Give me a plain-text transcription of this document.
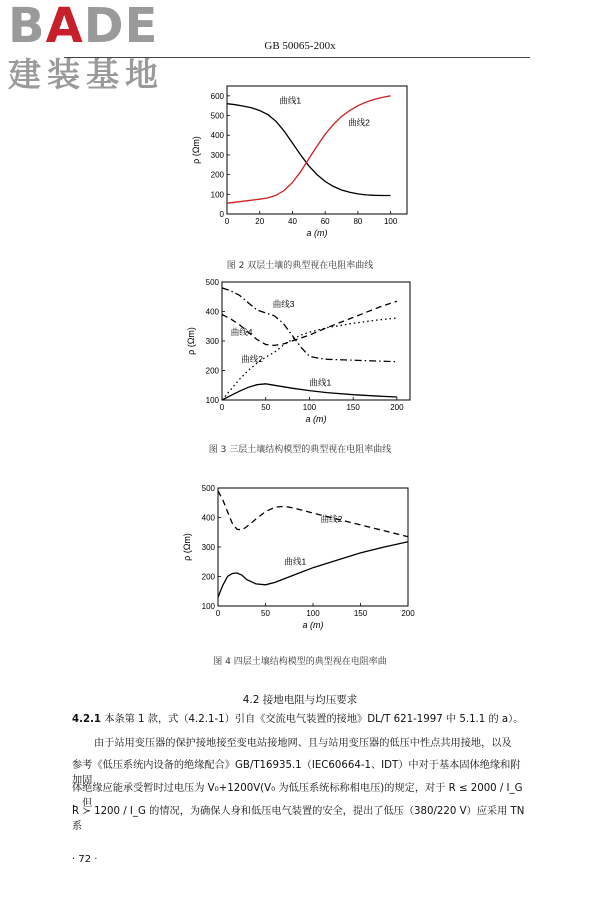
BADE
建装基地
GB 50065-200x
0	20	40	60	80	100
0
100
200
300
400
500
600
a (m)
ρ (Ωm)
曲线1
曲线2
图 2 双层土壤的典型视在电阻率曲线
0	50	100	150	200
100
200
300
400
500
a (m)
ρ (Ωm)
曲线3
曲线4
曲线2
曲线1
图 3 三层土壤结构模型的典型视在电阻率曲线
0	50	100	150	200
100
200
300
400
500
a (m)
ρ (Ωm)
曲线1
曲线2
图 4 四层土壤结构模型的典型视在电阻率曲
4.2 接地电阻与均压要求
4.2.1 本条第 1 款，式（4.2.1-1）引自《交流电气装置的接地》DL/T 621-1997 中 5.1.1 的 a）。
由于站用变压器的保护接地接至变电站接地网、且与站用变压器的低压中性点共用接地，以及
参考《低压系统内设备的绝缘配合》GB/T16935.1（IEC60664-1、IDT）中对于基本固体绝缘和附加固
体绝缘应能承受暂时过电压为 V₀+1200V(V₀ 为低压系统标称相电压)的规定，对于 R ≤ 2000 / I_G ，但
R ≻ 1200 / I_G 的情况，为确保人身和低压电气装置的安全，提出了低压（380/220 V）应采用 TN 系
· 72 ·
